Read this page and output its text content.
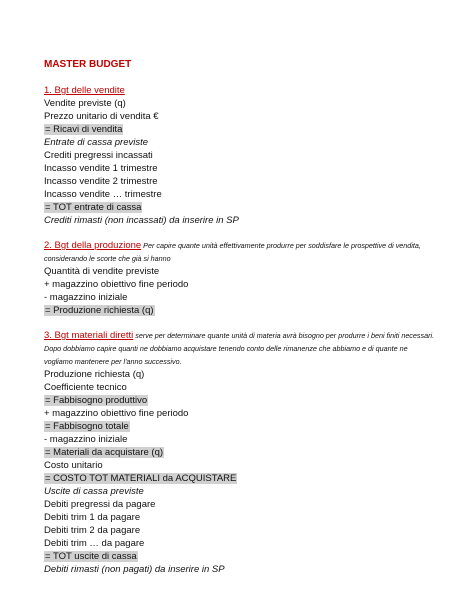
MASTER BUDGET
1. Bgt delle vendite
Vendite previste (q)
Prezzo unitario di vendita €
= Ricavi di vendita
Entrate di cassa previste
Crediti pregressi incassati
Incasso vendite 1 trimestre
Incasso vendite 2 trimestre
Incasso vendite … trimestre
= TOT entrate di cassa
Crediti rimasti (non incassati) da inserire in SP
2. Bgt della produzione Per capire quante unità effettivamente produrre per soddisfare le prospettive di vendita,
considerando le scorte che già si hanno
Quantità di vendite previste
+ magazzino obiettivo fine periodo
- magazzino iniziale
= Produzione richiesta (q)
3. Bgt materiali diretti serve per determinare quante unità di materia avrà bisogno per produrre i beni finiti necessari.
Dopo dobbiamo capire quanti ne dobbiamo acquistare tenendo conto delle rimanenze che abbiamo e di quante ne
vogliamo mantenere per l'anno successivo.
Produzione richiesta (q)
Coefficiente tecnico
= Fabbisogno produttivo
+ magazzino obiettivo fine periodo
= Fabbisogno totale
- magazzino iniziale
= Materiali da acquistare (q)
Costo unitario
= COSTO TOT MATERIALI da ACQUISTARE
Uscite di cassa previste
Debiti pregressi da pagare
Debiti trim 1 da pagare
Debiti trim 2 da pagare
Debiti trim … da pagare
= TOT uscite di cassa
Debiti rimasti (non pagati) da inserire in SP
